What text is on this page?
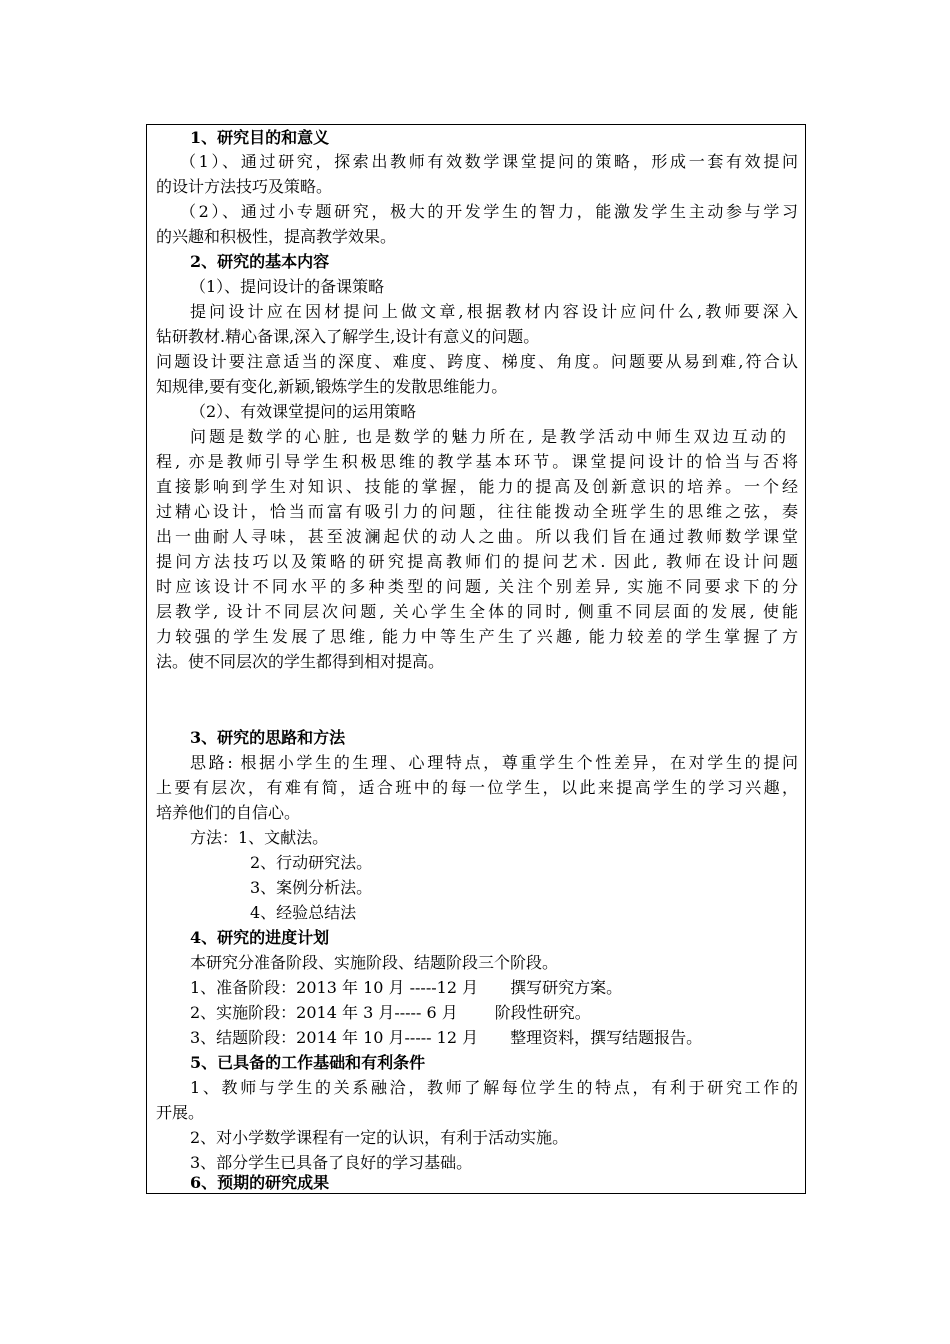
1、研究目的和意义
（1）、通过研究，探索出教师有效数学课堂提问的策略，形成一套有效提问
的设计方法技巧及策略。
（2）、通过小专题研究，极大的开发学生的智力，能激发学生主动参与学习
的兴趣和积极性，提高教学效果。
2、研究的基本内容
（1）、提问设计的备课策略
提问设计应在因材提问上做文章,根据教材内容设计应问什么,教师要深入
钻研教材.精心备课,深入了解学生,设计有意义的问题。
问题设计要注意适当的深度、难度、跨度、梯度、角度。问题要从易到难,符合认
知规律,要有变化,新颖,锻炼学生的发散思维能力。
（2）、有效课堂提问的运用策略
问题是数学的心脏, 也是数学的魅力所在, 是教学活动中师生双边互动的
程, 亦是教师引导学生积极思维的教学基本环节。课堂提问设计的恰当与否将
直接影响到学生对知识、技能的掌握，能力的提高及创新意识的培养。一个经
过精心设计，恰当而富有吸引力的问题，往往能拨动全班学生的思维之弦，奏
出一曲耐人寻味，甚至波澜起伏的动人之曲。所以我们旨在通过教师数学课堂
提问方法技巧以及策略的研究提高教师们的提问艺术. 因此, 教师在设计问题
时应该设计不同水平的多种类型的问题, 关注个别差异, 实施不同要求下的分
层教学, 设计不同层次问题, 关心学生全体的同时, 侧重不同层面的发展, 使能
力较强的学生发展了思维, 能力中等生产生了兴趣, 能力较差的学生掌握了方
法。使不同层次的学生都得到相对提高。
3、研究的思路和方法
思路: 根据小学生的生理、心理特点，尊重学生个性差异，在对学生的提问
上要有层次，有难有简，适合班中的每一位学生，以此来提高学生的学习兴趣，
培养他们的自信心。
方法：1、文献法。
2、行动研究法。
3、案例分析法。
4、经验总结法
4、研究的进度计划
本研究分准备阶段、实施阶段、结题阶段三个阶段。
1、准备阶段：2013 年 10 月 -----12 月　　撰写研究方案。
2、实施阶段：2014 年 3 月----- 6 月　　 阶段性研究。
3、结题阶段：2014 年 10 月----- 12 月　　整理资料，撰写结题报告。
5、已具备的工作基础和有利条件
1、教师与学生的关系融洽，教师了解每位学生的特点，有利于研究工作的
开展。
2、对小学数学课程有一定的认识，有利于活动实施。
3、部分学生已具备了良好的学习基础。
6、预期的研究成果
